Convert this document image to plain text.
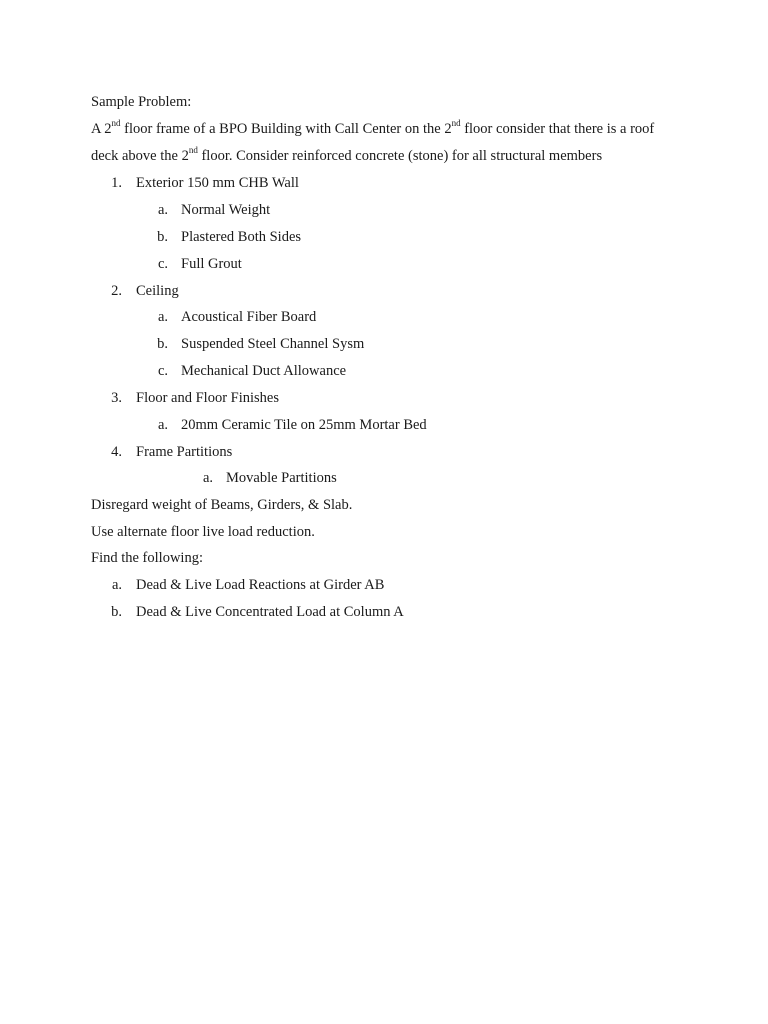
Sample Problem:
A 2nd floor frame of a BPO Building with Call Center on the 2nd floor consider that there is a roof
deck above the 2nd floor. Consider reinforced concrete (stone) for all structural members
1. Exterior 150 mm CHB Wall
a. Normal Weight
b. Plastered Both Sides
c. Full Grout
2. Ceiling
a. Acoustical Fiber Board
b. Suspended Steel Channel Sysm
c. Mechanical Duct Allowance
3. Floor and Floor Finishes
a. 20mm Ceramic Tile on 25mm Mortar Bed
4. Frame Partitions
a. Movable Partitions
Disregard weight of Beams, Girders, & Slab.
Use alternate floor live load reduction.
Find the following:
a. Dead & Live Load Reactions at Girder AB
b. Dead & Live Concentrated Load at Column A
